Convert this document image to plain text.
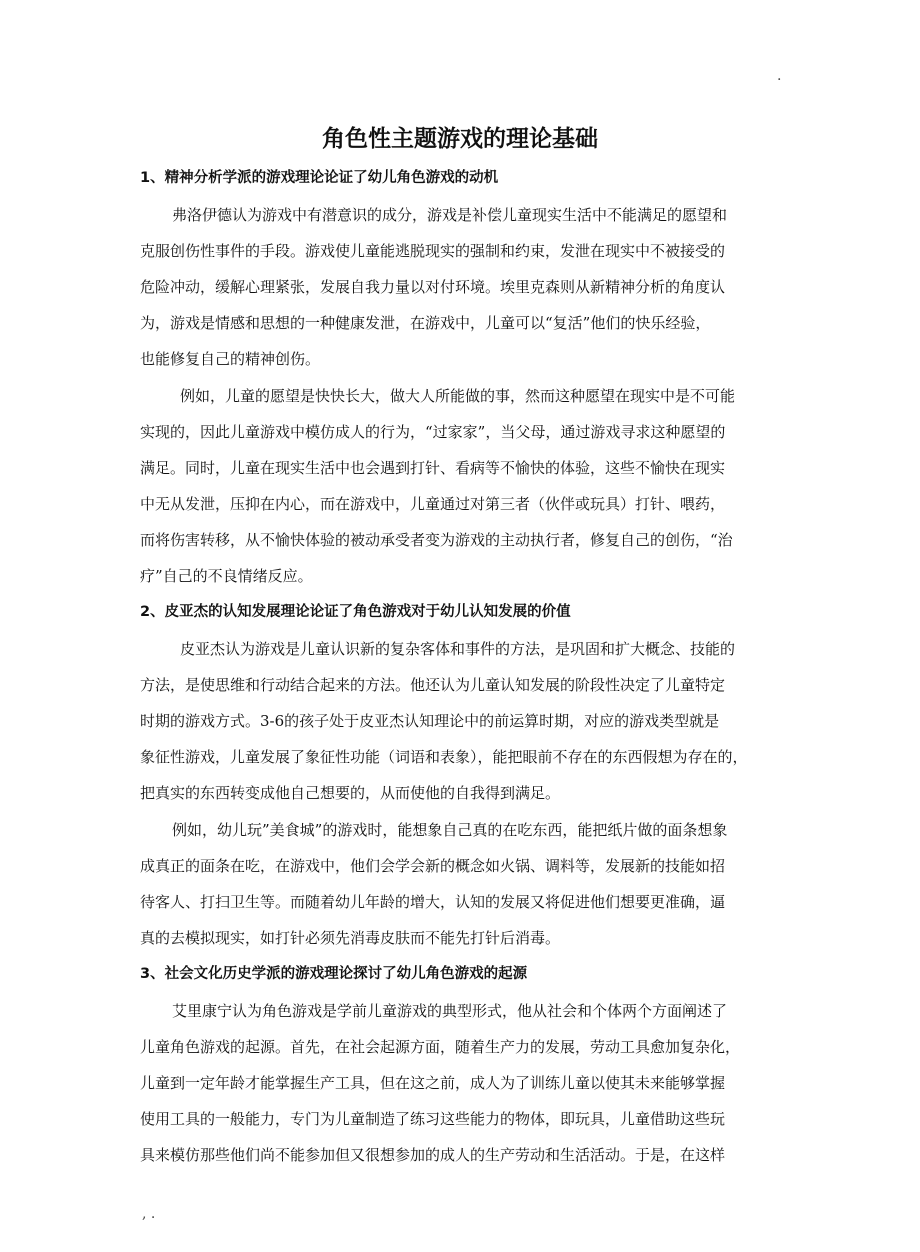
.
角色性主题游戏的理论基础
1、精神分析学派的游戏理论论证了幼儿角色游戏的动机
弗洛伊德认为游戏中有潜意识的成分，游戏是补偿儿童现实生活中不能满足的愿望和
克服创伤性事件的手段。游戏使儿童能逃脱现实的强制和约束，发泄在现实中不被接受的
危险冲动，缓解心理紧张，发展自我力量以对付环境。埃里克森则从新精神分析的角度认
为，游戏是情感和思想的一种健康发泄，在游戏中，儿童可以“复活”他们的快乐经验，
也能修复自己的精神创伤。
例如，儿童的愿望是快快长大，做大人所能做的事，然而这种愿望在现实中是不可能
实现的，因此儿童游戏中模仿成人的行为，“过家家”，当父母，通过游戏寻求这种愿望的
满足。同时，儿童在现实生活中也会遇到打针、看病等不愉快的体验，这些不愉快在现实
中无从发泄，压抑在内心，而在游戏中，儿童通过对第三者（伙伴或玩具）打针、喂药，
而将伤害转移，从不愉快体验的被动承受者变为游戏的主动执行者，修复自己的创伤，“治
疗”自己的不良情绪反应。
2、皮亚杰的认知发展理论论证了角色游戏对于幼儿认知发展的价值
皮亚杰认为游戏是儿童认识新的复杂客体和事件的方法，是巩固和扩大概念、技能的
方法，是使思维和行动结合起来的方法。他还认为儿童认知发展的阶段性决定了儿童特定
时期的游戏方式。3-6的孩子处于皮亚杰认知理论中的前运算时期，对应的游戏类型就是
象征性游戏，儿童发展了象征性功能（词语和表象），能把眼前不存在的东西假想为存在的，
把真实的东西转变成他自己想要的，从而使他的自我得到满足。
例如，幼儿玩”美食城”的游戏时，能想象自己真的在吃东西，能把纸片做的面条想象
成真正的面条在吃，在游戏中，他们会学会新的概念如火锅、调料等，发展新的技能如招
待客人、打扫卫生等。而随着幼儿年龄的增大，认知的发展又将促进他们想要更准确，逼
真的去模拟现实，如打针必须先消毒皮肤而不能先打针后消毒。
3、社会文化历史学派的游戏理论探讨了幼儿角色游戏的起源
艾里康宁认为角色游戏是学前儿童游戏的典型形式，他从社会和个体两个方面阐述了
儿童角色游戏的起源。首先，在社会起源方面，随着生产力的发展，劳动工具愈加复杂化，
儿童到一定年龄才能掌握生产工具，但在这之前，成人为了训练儿童以使其未来能够掌握
使用工具的一般能力，专门为儿童制造了练习这些能力的物体，即玩具，儿童借助这些玩
具来模仿那些他们尚不能参加但又很想参加的成人的生产劳动和生活活动。于是，在这样
, .
